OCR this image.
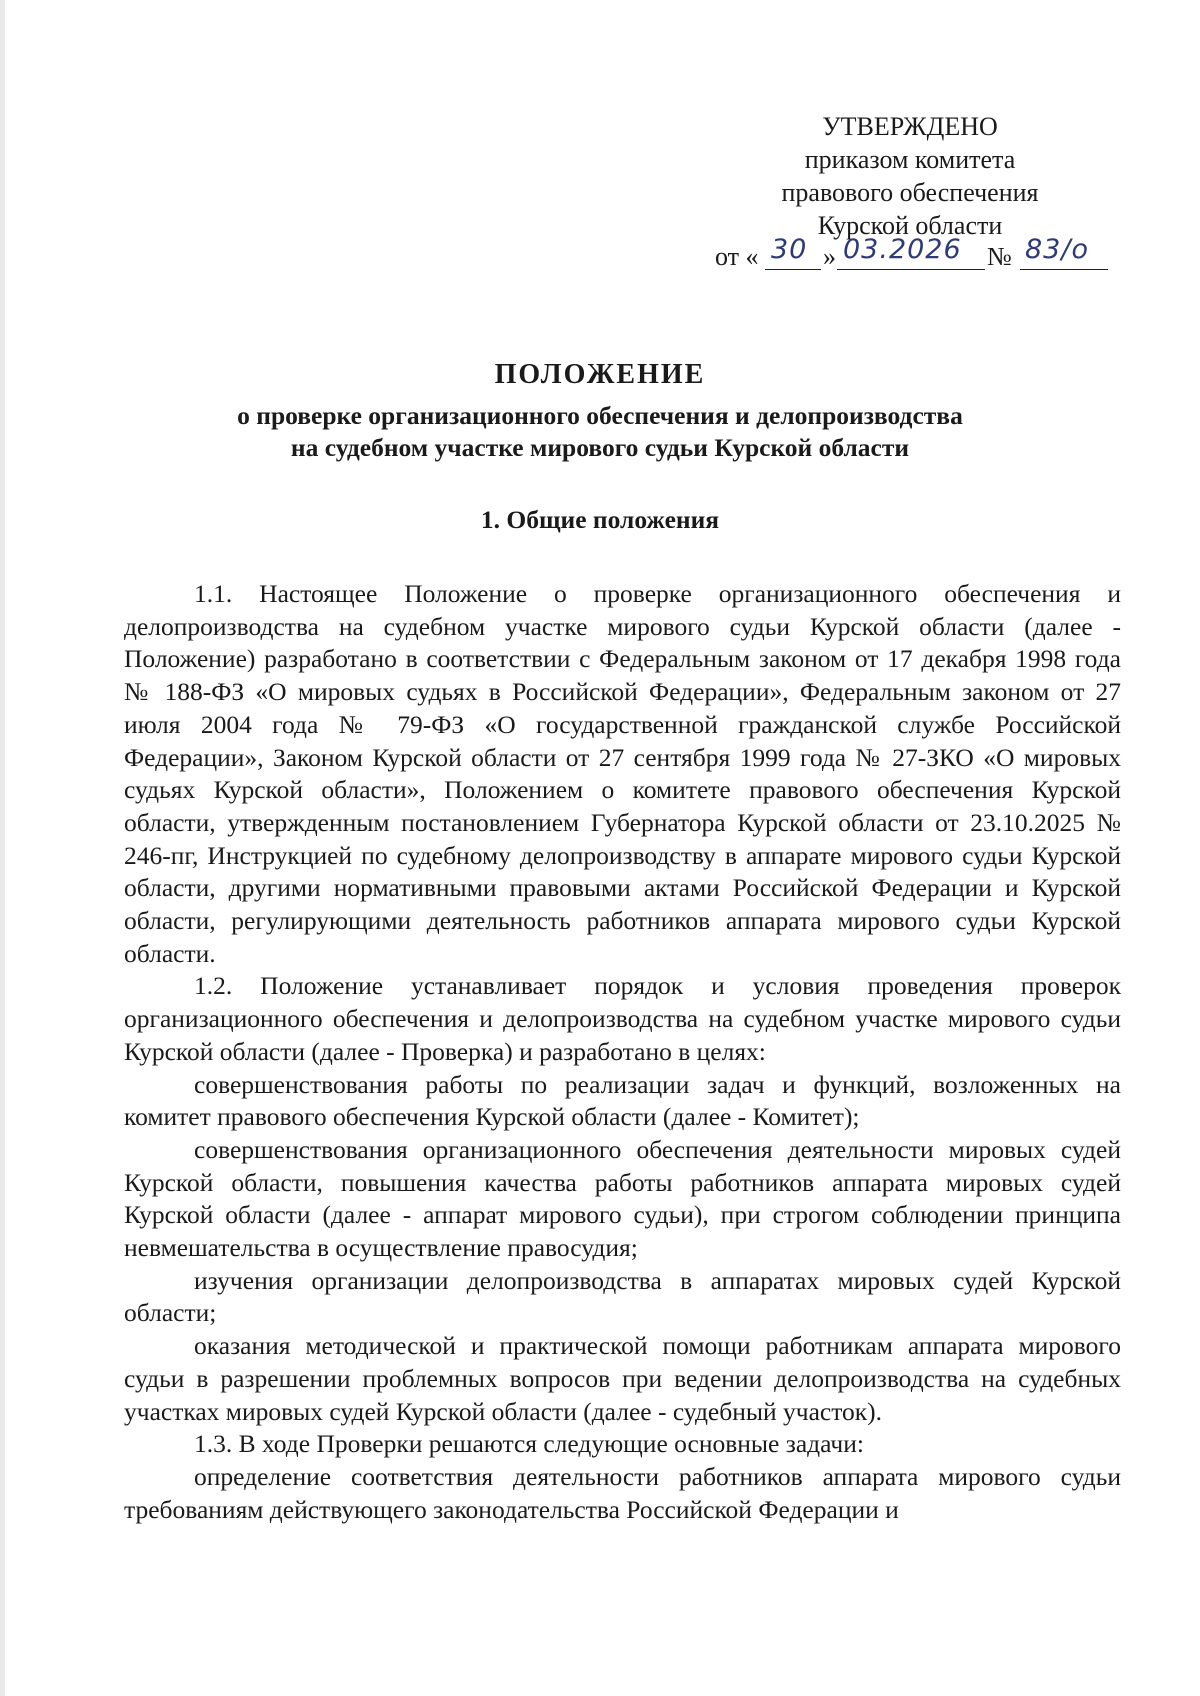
УТВЕРЖДЕНО
приказом комитета
правового обеспечения
Курской области
от « 30 » 03.2026 № 83/о
ПОЛОЖЕНИЕ
о проверке организационного обеспечения и делопроизводства
на судебном участке мирового судьи Курской области
1. Общие положения

1.1. Настоящее Положение о проверке организационного обеспечения и делопроизводства на судебном участке мирового судьи Курской области (далее - Положение) разработано в соответствии с Федеральным законом от 17 декабря 1998 года № 188-ФЗ «О мировых судьях в Российской Федерации», Федеральным законом от 27 июля 2004 года № 79-ФЗ «О государственной гражданской службе Российской Федерации», Законом Курской области от 27 сентября 1999 года № 27-ЗКО «О мировых судьях Курской области», Положением о комитете правового обеспечения Курской области, утвержденным постановлением Губернатора Курской области от 23.10.2025 № 246-пг, Инструкцией по судебному делопроизводству в аппарате мирового судьи Курской области, другими нормативными правовыми актами Российской Федерации и Курской области, регулирующими деятельность работников аппарата мирового судьи Курской области.

1.2. Положение устанавливает порядок и условия проведения проверок организационного обеспечения и делопроизводства на судебном участке мирового судьи Курской области (далее - Проверка) и разработано в целях:

совершенствования работы по реализации задач и функций, возложенных на комитет правового обеспечения Курской области (далее - Комитет);

совершенствования организационного обеспечения деятельности мировых судей Курской области, повышения качества работы работников аппарата мировых судей Курской области (далее - аппарат мирового судьи), при строгом соблюдении принципа невмешательства в осуществление правосудия;

изучения организации делопроизводства в аппаратах мировых судей Курской области;

оказания методической и практической помощи работникам аппарата мирового судьи в разрешении проблемных вопросов при ведении делопроизводства на судебных участках мировых судей Курской области (далее - судебный участок).

1.3. В ходе Проверки решаются следующие основные задачи:

определение соответствия деятельности работников аппарата мирового судьи требованиям действующего законодательства Российской Федерации и
